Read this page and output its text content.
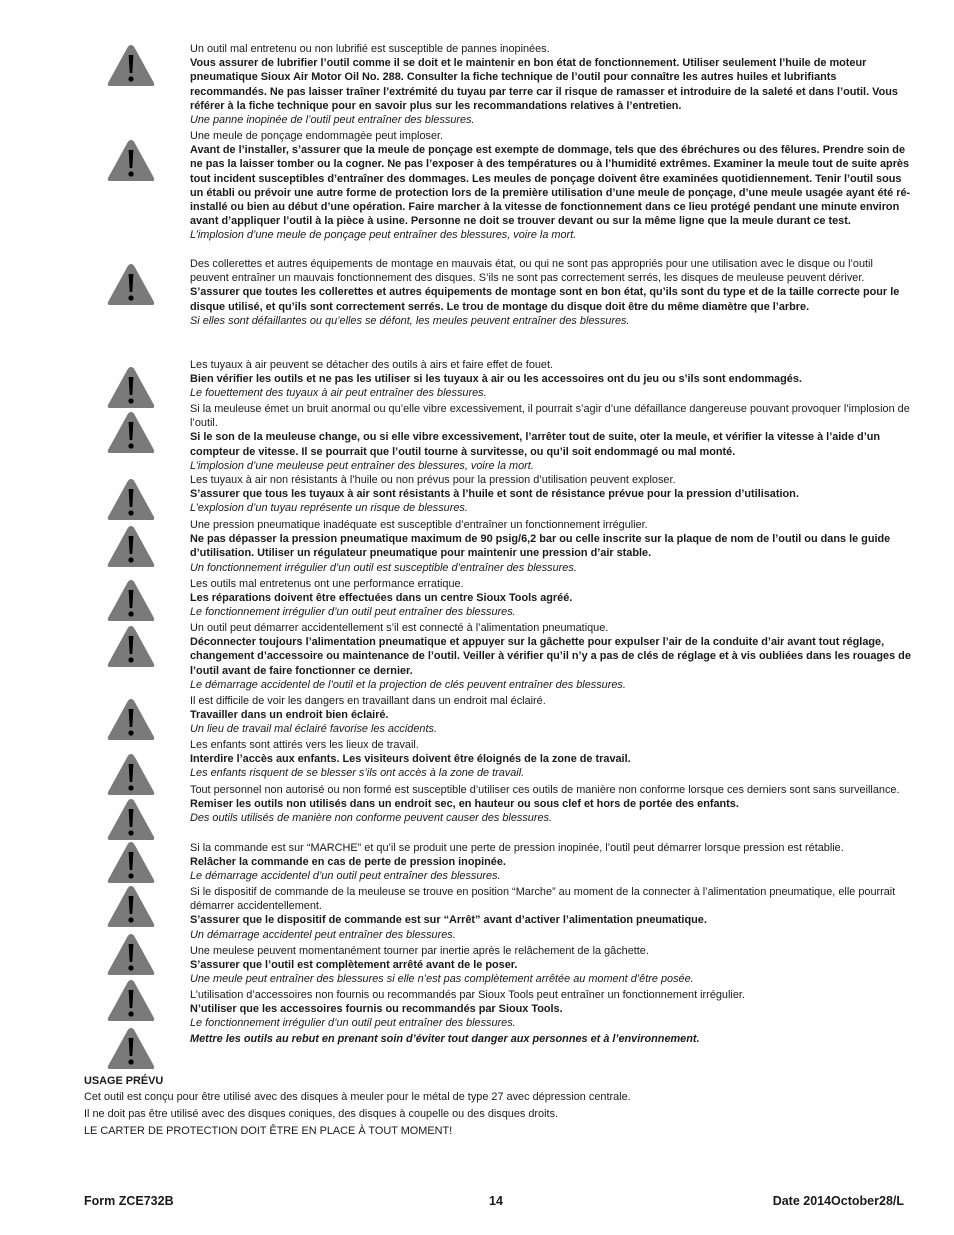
Un outil mal entretenu ou non lubrifié est susceptible de pannes inopinées.

Vous assurer de lubrifier l’outil comme il se doit et le maintenir en bon état de fonctionnement. Utiliser seulement l’huile de moteur pneumatique Sioux Air Motor Oil No. 288. Consulter la fiche technique de l’outil pour connaître les autres huiles et lubrifiants recommandés. Ne pas laisser traîner l’extrémité du tuyau par terre car il risque de ramasser et introduire de la saleté et dans l’outil. Vous référer à la fiche technique pour en savoir plus sur les recommandations relatives à l’entretien.

Une panne inopinée de l’outil peut entraîner des blessures.

Une meule de ponçage endommagée peut imploser.

Avant de l’installer, s’assurer que la meule de ponçage est exempte de dommage, tels que des ébréchures ou des fêlures. Prendre soin de ne pas la laisser tomber ou la cogner. Ne pas l’exposer à des températures ou à l’humidité extrêmes. Examiner la meule tout de suite après tout incident susceptibles d’entraîner des dommages. Les meules de ponçage doivent être examinées quotidiennement. Tenir l’outil sous un établi ou prévoir une autre forme de protection lors de la première utilisation d’une meule de ponçage, d’une meule usagée ayant été ré-installé ou bien au début d’une opération. Faire marcher à la vitesse de fonctionnement dans ce lieu protégé pendant une minute environ avant d’appliquer l’outil à la pièce à usine. Personne ne doit se trouver devant ou sur la même ligne que la meule durant ce test.

L’implosion d’une meule de ponçage peut entraîner des blessures, voire la mort.

Des collerettes et autres équipements de montage en mauvais état, ou qui ne sont pas appropriés pour une utilisation avec le disque ou l’outil peuvent entraîner un mauvais fonctionnement des disques. S’ils ne sont pas correctement serrés, les disques de meuleuse peuvent dériver.

S’assurer que toutes les collerettes et autres équipements de montage sont en bon état, qu’ils sont du type et de la taille correcte pour le disque utilisé, et qu’ils sont correctement serrés. Le trou de montage du disque doit être du même diamètre que l’arbre.

Si elles sont défaillantes ou qu’elles se défont, les meules peuvent entraîner des blessures.

Les tuyaux à air peuvent se détacher des outils à airs et faire effet de fouet.

Bien vérifier les outils et ne pas les utiliser si les tuyaux à air ou les accessoires ont du jeu ou s’ils sont endommagés.

Le fouettement des tuyaux à air peut entraîner des blessures.

Si la meuleuse émet un bruit anormal ou qu’elle vibre excessivement, il pourrait s’agir d’une défaillance dangereuse pouvant provoquer l’implosion de l’outil.

Si le son de la meuleuse change, ou si elle vibre excessivement, l’arrêter tout de suite, oter la meule, et vérifier la vitesse à l’aide d’un compteur de vitesse. Il se pourrait que l’outil tourne à survitesse, ou qu’il soit endommagé ou mal monté.

L’implosion d’une meuleuse peut entraîner des blessures, voire la mort.

Les tuyaux à air non résistants à l’huile ou non prévus pour la pression d’utilisation peuvent exploser.

S’assurer que tous les tuyaux à air sont résistants à l’huile et sont de résistance prévue pour la pression d’utilisation.

L’explosion d’un tuyau représente un risque de blessures.

Une pression pneumatique inadéquate est susceptible d’entraîner un fonctionnement irrégulier.

Ne pas dépasser la pression pneumatique maximum de 90 psig/6,2 bar ou celle inscrite sur la plaque de nom de l’outil ou dans le guide d’utilisation. Utiliser un régulateur pneumatique pour maintenir une pression d’air stable.

Un fonctionnement irrégulier d’un outil est susceptible d’entraîner des blessures.

Les outils mal entretenus ont une performance erratique.

Les réparations doivent être effectuées dans un centre Sioux Tools agréé.

Le fonctionnement irrégulier d’un outil peut entraîner des blessures.

Un outil peut démarrer accidentellement s’il est connecté à l’alimentation pneumatique.

Déconnecter toujours l’alimentation pneumatique et appuyer sur la gâchette pour expulser l’air de la conduite d’air avant tout réglage, changement d’accessoire ou maintenance de l’outil. Veiller à vérifier qu’il n’y a pas de clés de réglage et à vis oubliées dans les rouages de l’outil avant de faire fonctionner ce dernier.

Le démarrage accidentel de l’outil et la projection de clés peuvent entraîner des blessures.

Il est difficile de voir les dangers en travaillant dans un endroit mal éclairé.

Travailler dans un endroit bien éclairé.

Un lieu de travail mal éclairé favorise les accidents.

Les enfants sont attirés vers les lieux de travail.

Interdire l’accès aux enfants. Les visiteurs doivent être éloignés de la zone de travail.

Les enfants risquent de se blesser s’ils ont accès à la zone de travail.

Tout personnel non autorisé ou non formé est susceptible d’utiliser ces outils de manière non conforme lorsque ces derniers sont sans surveillance.

Remiser les outils non utilisés dans un endroit sec, en hauteur ou sous clef et hors de portée des enfants.

Des outils utilisés de manière non conforme peuvent causer des blessures.

Si la commande est sur “MARCHE” et qu’il se produit une perte de pression inopinée, l’outil peut démarrer lorsque pression est rétablie.

Relâcher la commande en cas de perte de pression inopinée.

Le démarrage accidentel d’un outil peut entraîner des blessures.

Si le dispositif de commande de la meuleuse se trouve en position “Marche” au moment de la connecter à l’alimentation pneumatique, elle pourrait démarrer accidentellement.

S’assurer que le dispositif de commande est sur “Arrêt” avant d’activer l’alimentation pneumatique.

Un démarrage accidentel peut entraîner des blessures.

Une meulese peuvent momentanément tourner par inertie après le relâchement de la gâchette.

S’assurer que l’outil est complètement arrêté avant de le poser.

Une meule peut entraîner des blessures si elle n’est pas complètement arrêtée au moment d’être posée.

L’utilisation d’accessoires non fournis ou recommandés par Sioux Tools peut entraîner un fonctionnement irrégulier.

N’utiliser que les accessoires fournis ou recommandés par Sioux Tools.

Le fonctionnement irrégulier d’un outil peut entraîner des blessures.

Mettre les outils au rebut en prenant soin d’éviter tout danger aux personnes et à l’environnement.

USAGE PRÉVU

Cet outil est conçu pour être utilisé avec des disques à meuler pour le métal de type 27 avec dépression centrale.

Il ne doit pas être utilisé avec des disques coniques, des disques à coupelle ou des disques droits.

LE CARTER DE PROTECTION DOIT ÊTRE EN PLACE À TOUT MOMENT!

Form ZCE732B	14	Date 2014October28/L
